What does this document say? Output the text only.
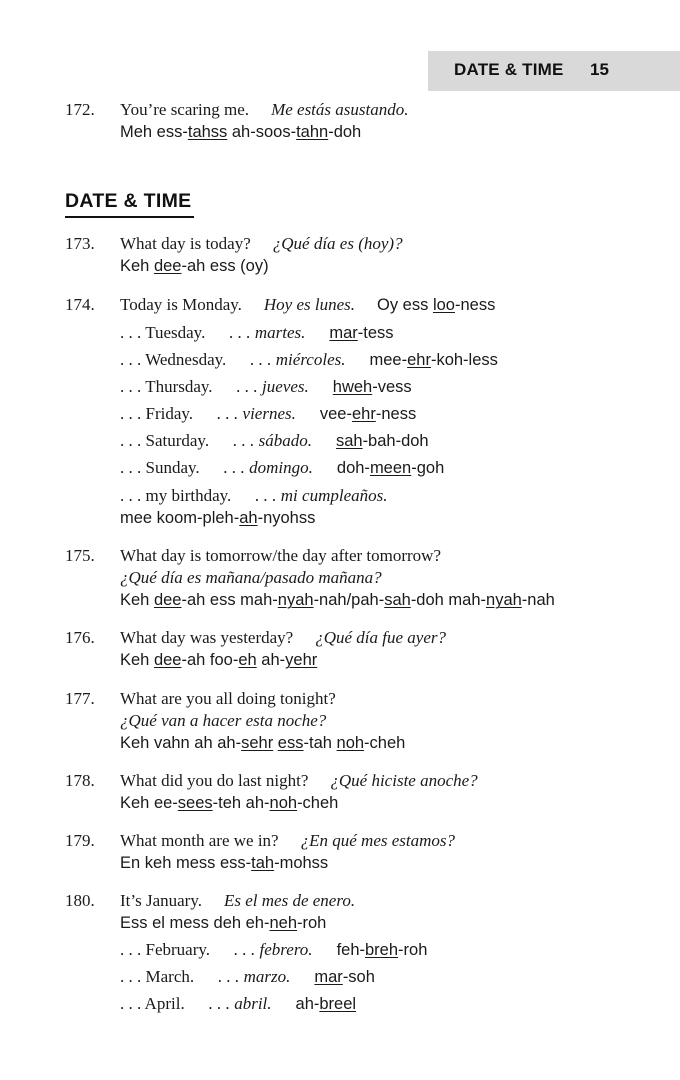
DATE & TIME 15
172. You’re scaring me. Me estás asustando.
Meh ess-tahss ah-soos-tahn-doh
DATE & TIME
173. What day is today? ¿Qué día es (hoy)?
Keh dee-ah ess (oy)
174. Today is Monday. Hoy es lunes. Oy ess loo-ness
. . . Tuesday. . . . martes. mar-tess
. . . Wednesday. . . . miércoles. mee-ehr-koh-less
. . . Thursday. . . . jueves. hweh-vess
. . . Friday. . . . viernes. vee-ehr-ness
. . . Saturday. . . . sábado. sah-bah-doh
. . . Sunday. . . . domingo. doh-meen-goh
. . . my birthday. . . . mi cumpleaños.
mee koom-pleh-ah-nyohss
175. What day is tomorrow/the day after tomorrow?
¿Qué día es mañana/pasado mañana?
Keh dee-ah ess mah-nyah-nah/pah-sah-doh mah-nyah-nah
176. What day was yesterday? ¿Qué día fue ayer?
Keh dee-ah foo-eh ah-yehr
177. What are you all doing tonight?
¿Qué van a hacer esta noche?
Keh vahn ah ah-sehr ess-tah noh-cheh
178. What did you do last night? ¿Qué hiciste anoche?
Keh ee-sees-teh ah-noh-cheh
179. What month are we in? ¿En qué mes estamos?
En keh mess ess-tah-mohss
180. It’s January. Es el mes de enero.
Ess el mess deh eh-neh-roh
. . . February. . . . febrero. feh-breh-roh
. . . March. . . . marzo. mar-soh
. . . April. . . . abril. ah-breel
